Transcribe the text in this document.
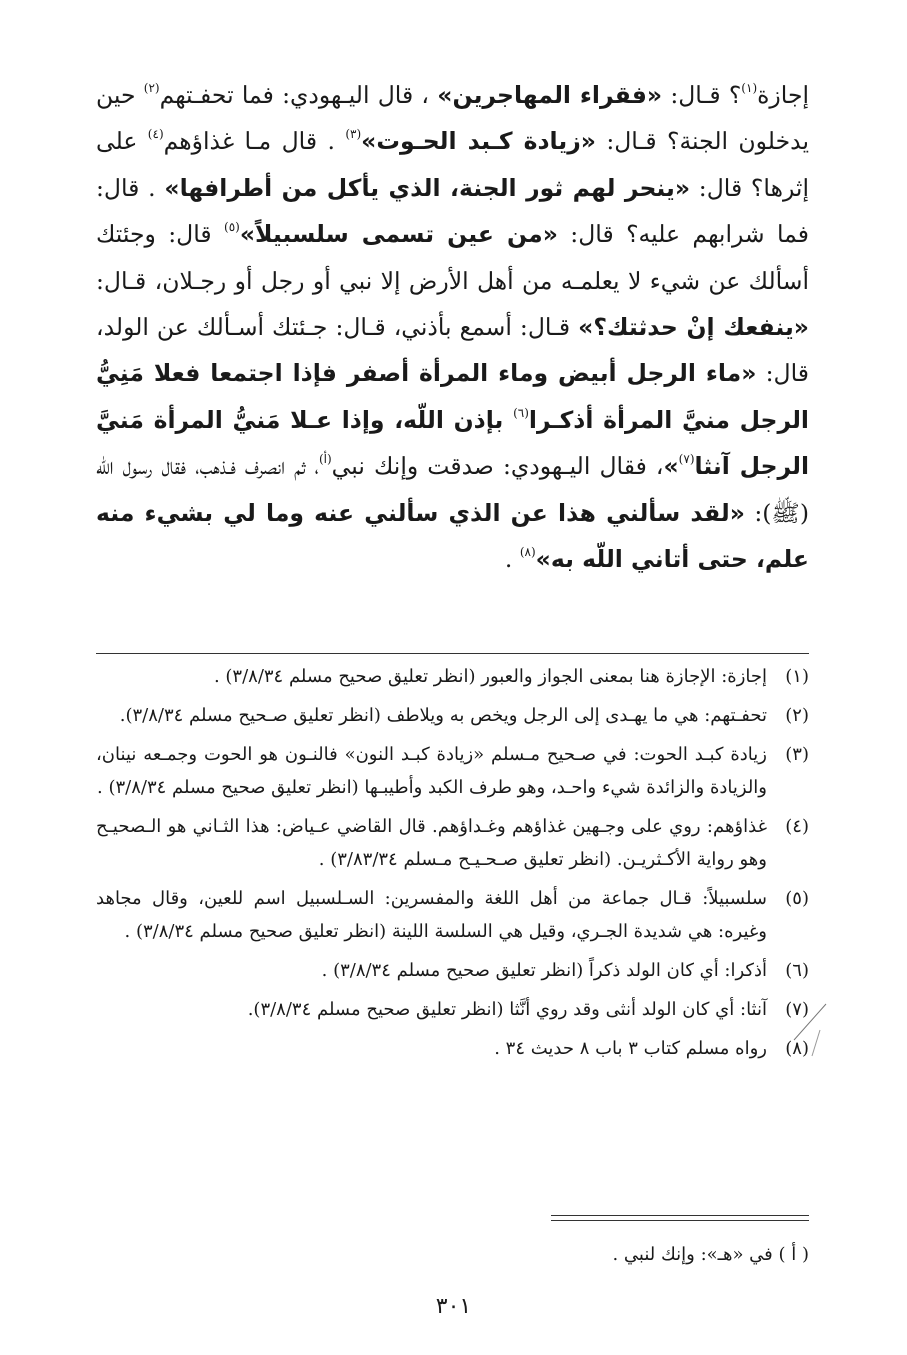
إجازة$^{(١)}$؟ قـال: «فقراء المهاجرين» ، قال اليـهودي: فما تحفـتهم$^{(٢)}$ حين يدخلون الجنة؟ قـال: «زيادة كـبد الحـوت»$^{(٣)}$ . قال مـا غذاؤهم$^{(٤)}$ على إثرها؟ قال: «ينحر لهم ثور الجنة، الذي يأكل من أطرافها» . قال: فما شرابهم عليه؟ قال: «من عين تسمى سلسبيلاً»$^{(٥)}$ قال: وجئتك أسألك عن شيء لا يعلمـه من أهل الأرض إلا نبي أو رجل أو رجـلان، قـال: «ينفعك إنْ حدثتك؟» قـال: أسمع بأذني، قـال: جـئتك أسـألك عن الولد، قال: «ماء الرجل أبيض وماء المرأة أصفر فإذا اجتمعا فعلا مَنِيُّ الرجل منيَّ المرأة أذكـرا$^{(٦)}$ بإذن اللّه، وإذا عـلا مَنيُّ المرأة مَنيَّ الرجل آنثا$^{(٧)}$»، فقال اليـهودي: صدقت وإنك نبي$^{(أ)}$، ثم انصرف فـذهب، فقال رسول الله (ﷺ): «لقد سألني هذا عن الذي سألني عنه وما لي بشيء منه علم، حتى أتاني اللّه به»$^{(٨)}$ .

(١)
إجازة: الإجازة هنا بمعنى الجواز والعبور (انظر تعليق صحيح مسلم ٣/٨/٣٤) .
(٢)
تحفـتهم: هي ما يهـدى إلى الرجل ويخص به ويلاطف (انظر تعليق صـحيح مسلم ٣/٨/٣٤).
(٣)
زيادة كبـد الحوت: في صـحيح مـسلم «زيادة كبـد النون» فالنـون هو الحوت وجمـعه نينان، والزيادة والزائدة شيء واحـد، وهو طرف الكبد وأطيبـها (انظر تعليق صحيح مسلم ٣/٨/٣٤) .
(٤)
غذاؤهم: روي على وجـهين غذاؤهم وغـداؤهم. قال القاضي عـياض: هذا الثـاني هو الـصحيـح وهو رواية الأكـثريـن. (انظر تعليق صـحـيـح مـسلم ٣/٨٣/٣٤) .
(٥)
سلسبيلاً: قـال جماعة من أهل اللغة والمفسرين: السـلسبيل اسم للعين، وقال مجاهد وغيره: هي شديدة الجـري، وقيل هي السلسة اللينة (انظر تعليق صحيح مسلم ٣/٨/٣٤) .
(٦)
أذكرا: أي كان الولد ذكراً (انظر تعليق صحيح مسلم ٣/٨/٣٤) .
(٧)
آنثا: أي كان الولد أنثى وقد روي أنَّثا (انظر تعليق صحيح مسلم ٣/٨/٣٤).
(٨)
رواه مسلم كتاب ٣ باب ٨ حديث ٣٤ .
( أ ) في «هـ»: وإنك لنبي .
٣٠١
